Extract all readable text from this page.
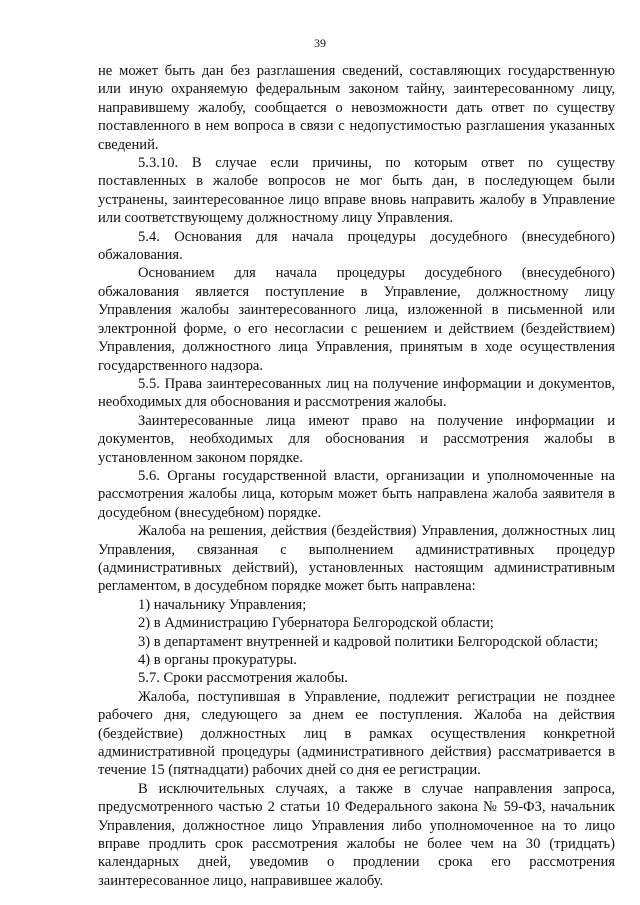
39

не может быть дан без разглашения сведений, составляющих государственную или иную охраняемую федеральным законом тайну, заинтересованному лицу, направившему жалобу, сообщается о невозможности дать ответ по существу поставленного в нем вопроса в связи с недопустимостью разглашения указанных сведений.

5.3.10. В случае если причины, по которым ответ по существу поставленных в жалобе вопросов не мог быть дан, в последующем были устранены, заинтересованное лицо вправе вновь направить жалобу в Управление или соответствующему должностному лицу Управления.

5.4. Основания для начала процедуры досудебного (внесудебного) обжалования.

Основанием для начала процедуры досудебного (внесудебного) обжалования является поступление в Управление, должностному лицу Управления жалобы заинтересованного лица, изложенной в письменной или электронной форме, о его несогласии с решением и действием (бездействием) Управления, должностного лица Управления, принятым в ходе осуществления государственного надзора.

5.5. Права заинтересованных лиц на получение информации и документов, необходимых для обоснования и рассмотрения жалобы.

Заинтересованные лица имеют право на получение информации и документов, необходимых для обоснования и рассмотрения жалобы в установленном законом порядке.

5.6. Органы государственной власти, организации и уполномоченные на рассмотрения жалобы лица, которым может быть направлена жалоба заявителя в досудебном (внесудебном) порядке.

Жалоба на решения, действия (бездействия) Управления, должностных лиц Управления, связанная с выполнением административных процедур (административных действий), установленных настоящим административным регламентом, в досудебном порядке может быть направлена:

1) начальнику Управления;

2) в Администрацию Губернатора Белгородской области;

3) в департамент внутренней и кадровой политики Белгородской области;

4) в органы прокуратуры.

5.7. Сроки рассмотрения жалобы.

Жалоба, поступившая в Управление, подлежит регистрации не позднее рабочего дня, следующего за днем ее поступления. Жалоба на действия (бездействие) должностных лиц в рамках осуществления конкретной административной процедуры (административного действия) рассматривается в течение 15 (пятнадцати) рабочих дней со дня ее регистрации.

В исключительных случаях, а также в случае направления запроса, предусмотренного частью 2 статьи 10 Федерального закона № 59-ФЗ, начальник Управления, должностное лицо Управления либо уполномоченное на то лицо вправе продлить срок рассмотрения жалобы не более чем на 30 (тридцать) календарных дней, уведомив о продлении срока его рассмотрения заинтересованное лицо, направившее жалобу.
